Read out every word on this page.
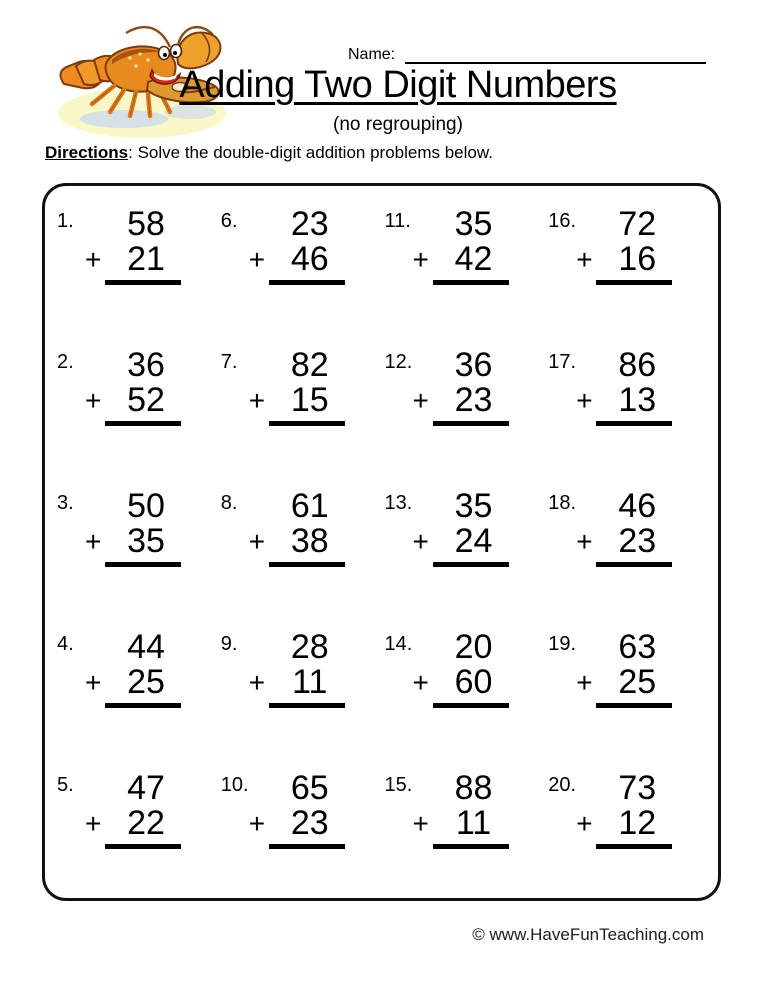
Name:
Adding Two Digit Numbers
(no regrouping)
Directions: Solve the double-digit addition problems below.
1.	58
+ 21
6.	23
+ 46
11.	35
+ 42
16.	72
+ 16
2.	36
+ 52
7.	82
+ 15
12.	36
+ 23
17.	86
+ 13
3.	50
+ 35
8.	61
+ 38
13.	35
+ 24
18.	46
+ 23
4.	44
+ 25
9.	28
+ 11
14.	20
+ 60
19.	63
+ 25
5.	47
+ 22
10.	65
+ 23
15.	88
+ 11
20.	73
+ 12
© www.HaveFunTeaching.com
